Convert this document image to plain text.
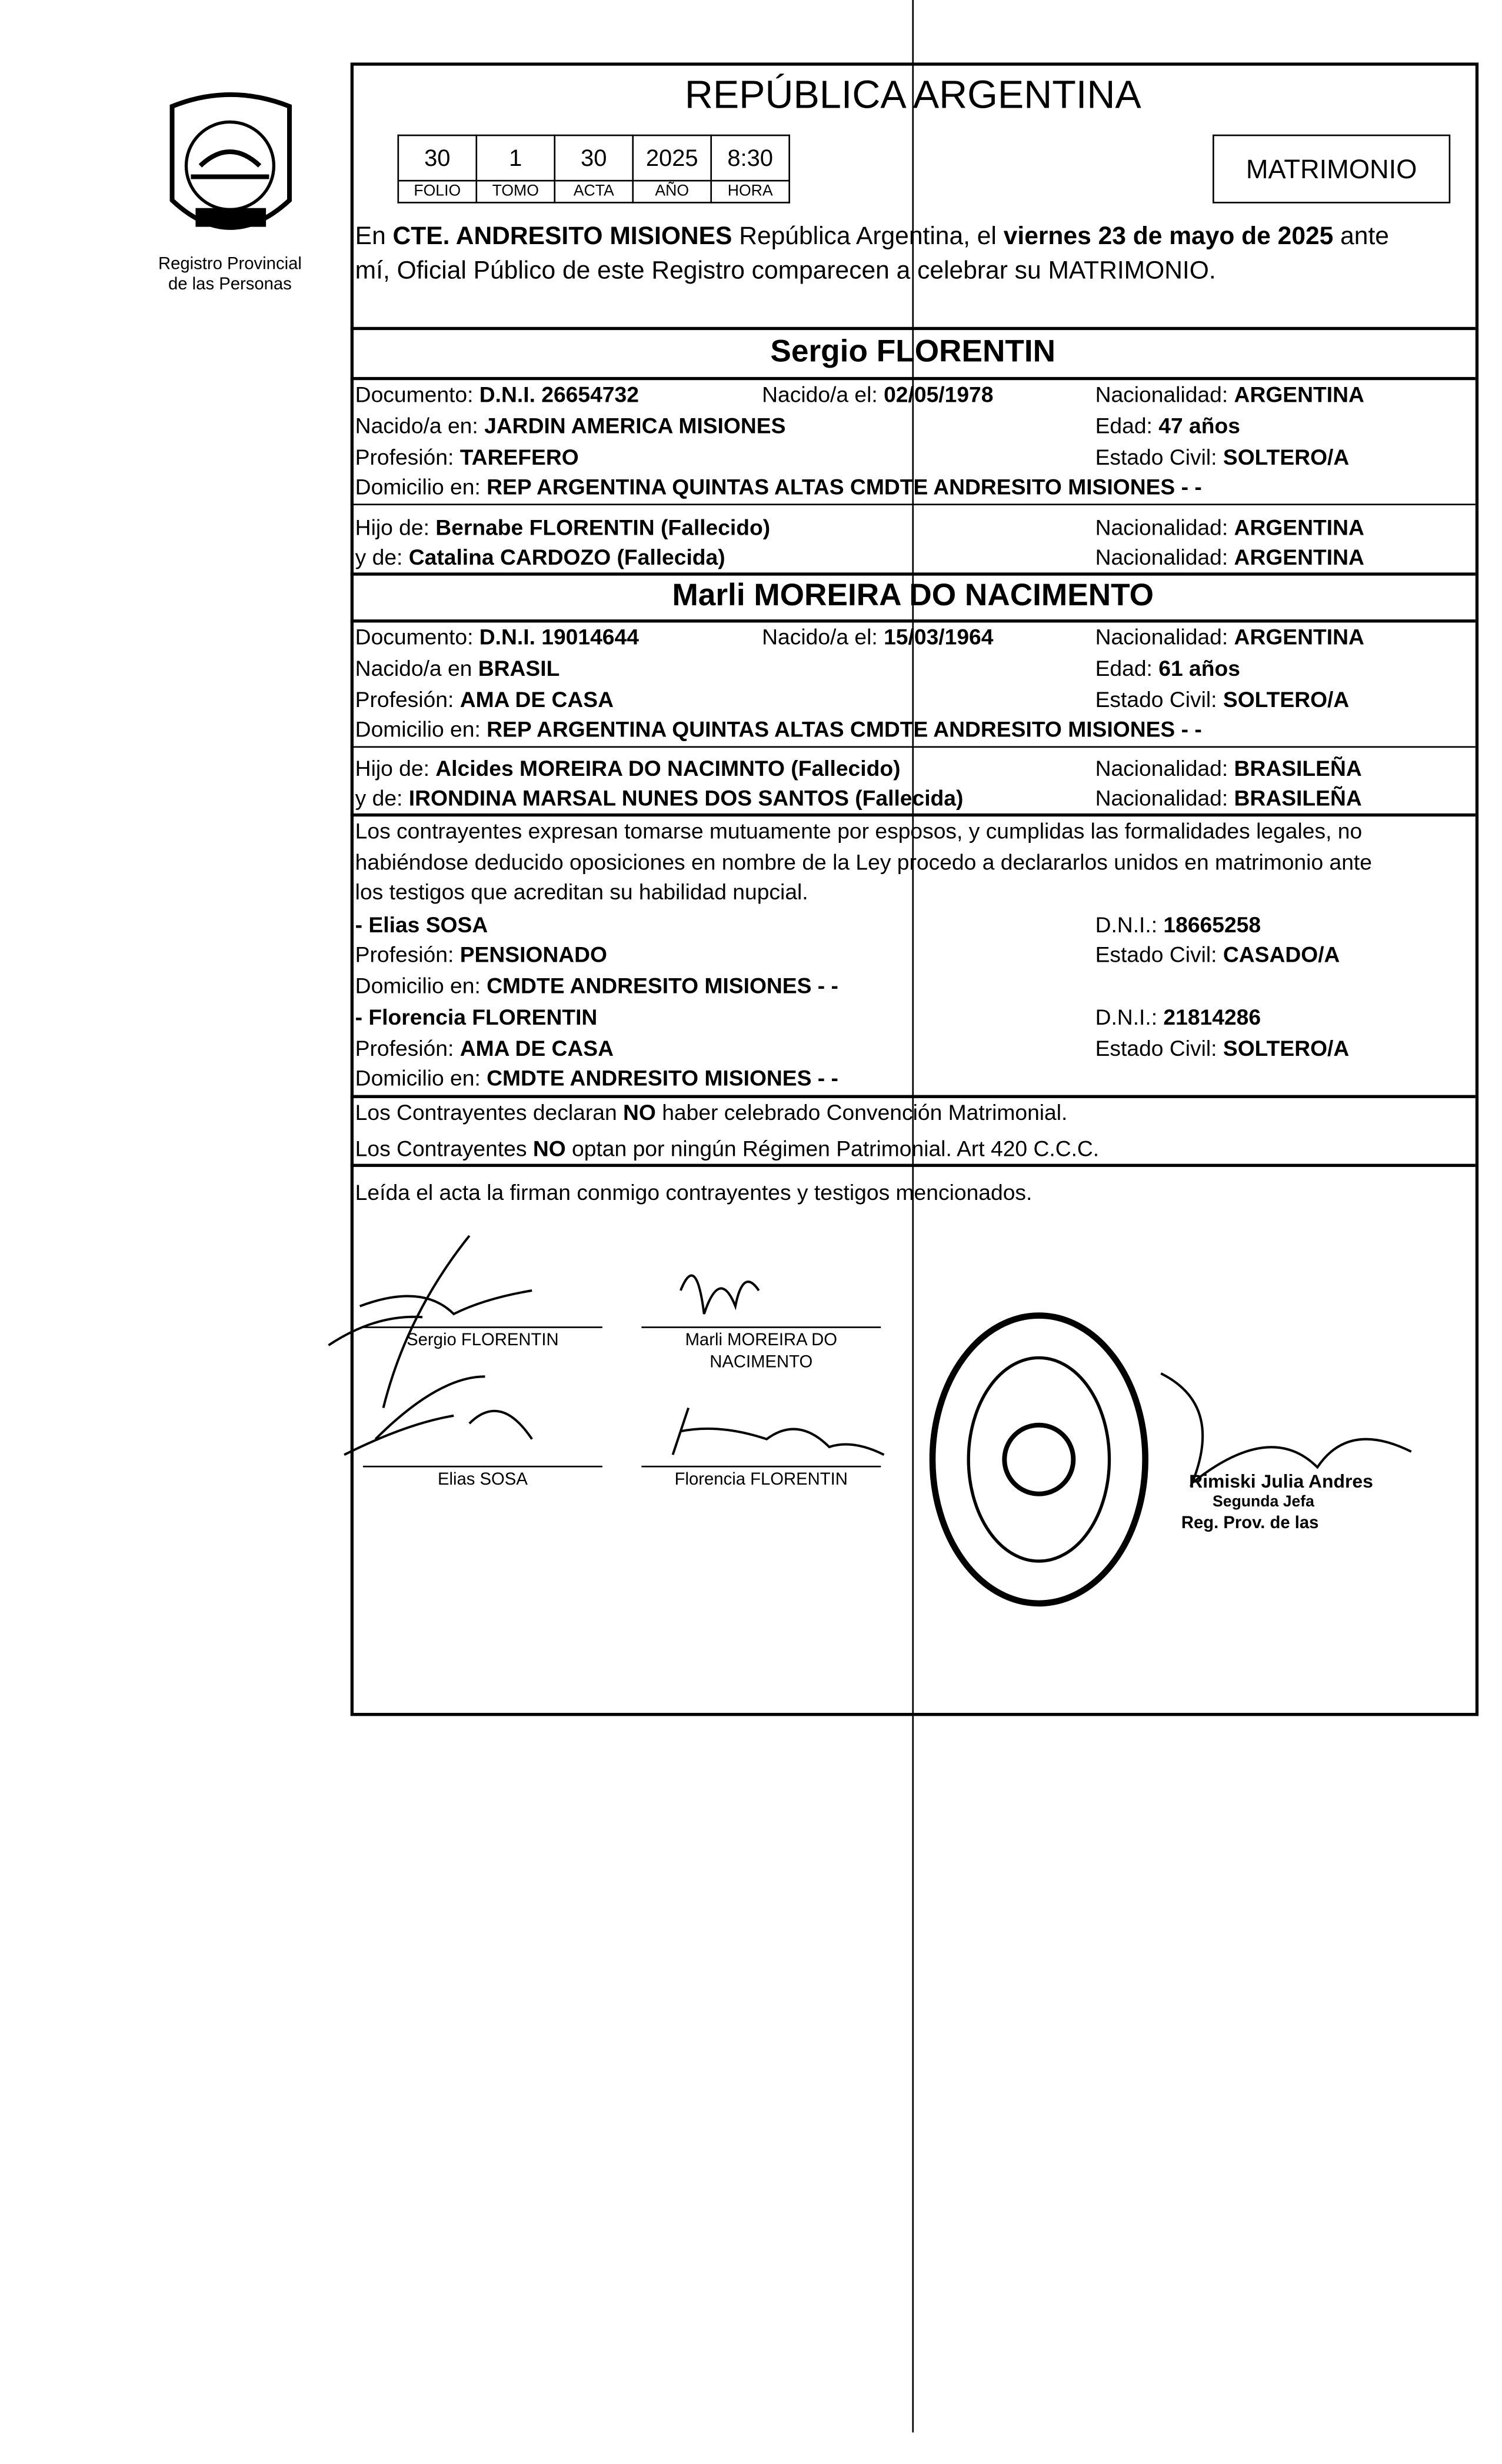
Registro Provincial
de las Personas
REPÚBLICA ARGENTINA
30	1	30	2025	8:30
FOLIO	TOMO	ACTA	AÑO	HORA
MATRIMONIO
En CTE. ANDRESITO MISIONES República Argentina, el viernes 23 de mayo de 2025 ante
mí, Oficial Público de este Registro comparecen a celebrar su MATRIMONIO.
Sergio FLORENTIN
Documento: D.N.I. 26654732	Nacido/a el: 02/05/1978	Nacionalidad: ARGENTINA
Nacido/a en: JARDIN AMERICA MISIONES	Edad: 47 años
Profesión: TAREFERO	Estado Civil: SOLTERO/A
Domicilio en: REP ARGENTINA QUINTAS ALTAS CMDTE ANDRESITO MISIONES - -
Hijo de: Bernabe FLORENTIN (Fallecido)	Nacionalidad: ARGENTINA
y de: Catalina CARDOZO (Fallecida)	Nacionalidad: ARGENTINA
Marli MOREIRA DO NACIMENTO
Documento: D.N.I. 19014644	Nacido/a el: 15/03/1964	Nacionalidad: ARGENTINA
Nacido/a en BRASIL	Edad: 61 años
Profesión: AMA DE CASA	Estado Civil: SOLTERO/A
Domicilio en: REP ARGENTINA QUINTAS ALTAS CMDTE ANDRESITO MISIONES - -
Hijo de: Alcides MOREIRA DO NACIMNTO (Fallecido)	Nacionalidad: BRASILEÑA
y de: IRONDINA MARSAL NUNES DOS SANTOS (Fallecida)	Nacionalidad: BRASILEÑA
Los contrayentes expresan tomarse mutuamente por esposos, y cumplidas las formalidades legales, no
habiéndose deducido oposiciones en nombre de la Ley procedo a declararlos unidos en matrimonio ante
los testigos que acreditan su habilidad nupcial.
- Elias SOSA	D.N.I.: 18665258
Profesión: PENSIONADO	Estado Civil: CASADO/A
Domicilio en: CMDTE ANDRESITO MISIONES - -
- Florencia FLORENTIN	D.N.I.: 21814286
Profesión: AMA DE CASA	Estado Civil: SOLTERO/A
Domicilio en: CMDTE ANDRESITO MISIONES - -
Los Contrayentes declaran NO haber celebrado Convención Matrimonial.
Los Contrayentes NO optan por ningún Régimen Patrimonial. Art 420 C.C.C.
Leída el acta la firman conmigo contrayentes y testigos mencionados.
Sergio FLORENTIN	Marli MOREIRA DO
NACIMENTO
Elias SOSA	Florencia FLORENTIN	Rimiski Julia Andres
Segunda Jefa
Reg. Prov. de las
